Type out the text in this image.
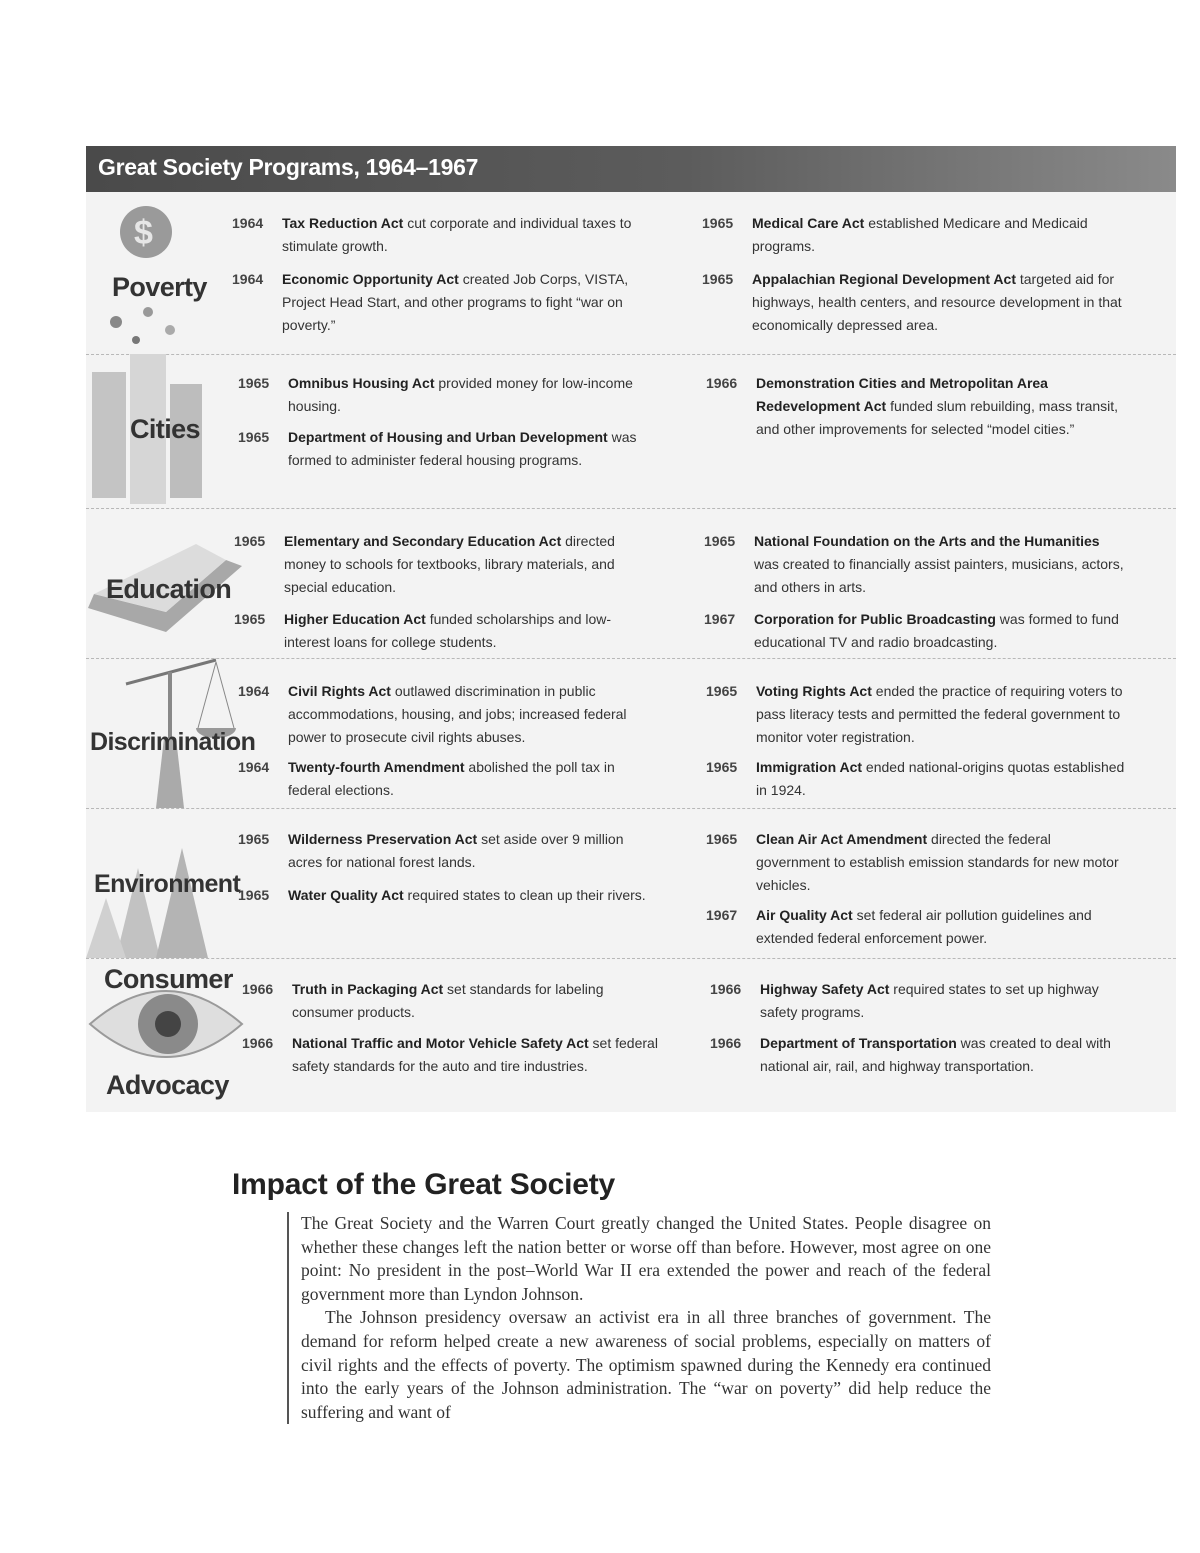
Great Society Programs, 1964–1967
$
Poverty
1964	Tax Reduction Act cut corporate and individual taxes to stimulate growth.
1964	Economic Opportunity Act created Job Corps, VISTA, Project Head Start, and other programs to fight “war on poverty.”
1965	Medical Care Act established Medicare and Medicaid programs.
1965	Appalachian Regional Development Act targeted aid for highways, health centers, and resource development in that economically depressed area.
Cities
1965	Omnibus Housing Act provided money for low-income housing.
1965	Department of Housing and Urban Development was formed to administer federal housing programs.
1966	Demonstration Cities and Metropolitan Area Redevelopment Act funded slum rebuilding, mass transit, and other improvements for selected “model cities.”
Education
1965	Elementary and Secondary Education Act directed money to schools for textbooks, library materials, and special education.
1965	Higher Education Act funded scholarships and low-interest loans for college students.
1965	National Foundation on the Arts and the Humanities was created to financially assist painters, musicians, actors, and others in arts.
1967	Corporation for Public Broadcasting was formed to fund educational TV and radio broadcasting.
Discrimination
1964	Civil Rights Act outlawed discrimination in public accommodations, housing, and jobs; increased federal power to prosecute civil rights abuses.
1964	Twenty-fourth Amendment abolished the poll tax in federal elections.
1965	Voting Rights Act ended the practice of requiring voters to pass literacy tests and permitted the federal government to monitor voter registration.
1965	Immigration Act ended national-origins quotas established in 1924.
Environment
1965	Wilderness Preservation Act set aside over 9 million acres for national forest lands.
1965	Water Quality Act required states to clean up their rivers.
1965	Clean Air Act Amendment directed the federal government to establish emission standards for new motor vehicles.
1967	Air Quality Act set federal air pollution guidelines and extended federal enforcement power.
Consumer
Advocacy
1966	Truth in Packaging Act set standards for labeling consumer products.
1966	National Traffic and Motor Vehicle Safety Act set federal safety standards for the auto and tire industries.
1966	Highway Safety Act required states to set up highway safety programs.
1966	Department of Transportation was created to deal with national air, rail, and highway transportation.
Impact of the Great Society

The Great Society and the Warren Court greatly changed the United States. People disagree on whether these changes left the nation better or worse off than before. However, most agree on one point: No president in the post–World War II era extended the power and reach of the federal government more than Lyndon Johnson.

The Johnson presidency oversaw an activist era in all three branches of government. The demand for reform helped create a new awareness of social problems, especially on matters of civil rights and the effects of poverty. The optimism spawned during the Kennedy era continued into the early years of the Johnson administration. The “war on poverty” did help reduce the suffering and want of
